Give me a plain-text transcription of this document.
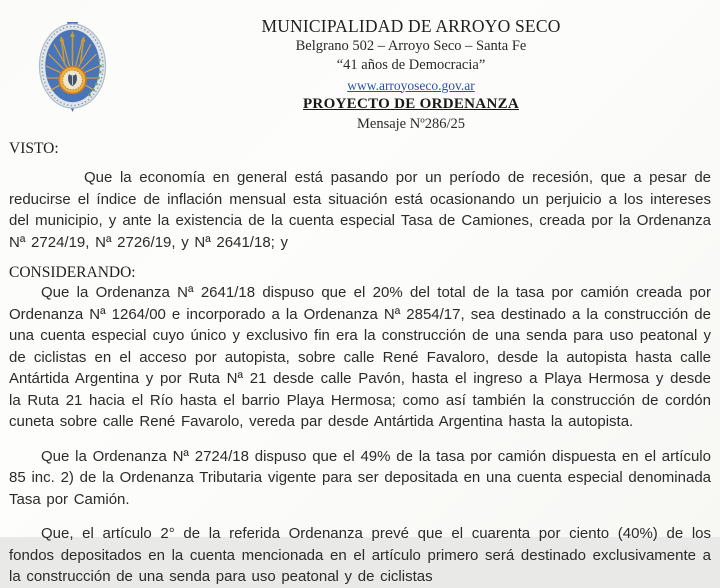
MUNICIPALIDAD DE ARROYO SECO
Belgrano 502 – Arroyo Seco – Santa Fe
“41 años de Democracia”
www.arroyoseco.gov.ar
PROYECTO DE ORDENANZA
Mensaje Nº286/25
VISTO:

Que la economía en general está pasando por un período de recesión, que a pesar de reducirse el índice de inflación mensual esta situación está ocasionando un perjuicio a los intereses del municipio, y ante la existencia de la cuenta especial Tasa de Camiones, creada por la Ordenanza Nª 2724/19, Nª 2726/19, y Nª 2641/18; y

CONSIDERANDO:

Que la Ordenanza Nª 2641/18 dispuso que el 20% del total de la tasa por camión creada por Ordenanza Nª 1264/00 e incorporado a la Ordenanza Nª 2854/17, sea destinado a la construcción de una cuenta especial cuyo único y exclusivo fin era la construcción de una senda para uso peatonal y de ciclistas en el acceso por autopista, sobre calle René Favaloro, desde la autopista hasta calle Antártida Argentina y por Ruta Nª 21 desde calle Pavón, hasta el ingreso a Playa Hermosa y desde la Ruta 21 hacia el Río hasta el barrio Playa Hermosa; como así también la construcción de cordón cuneta sobre calle René Favarolo, vereda par desde Antártida Argentina hasta la autopista.

Que la Ordenanza Nª 2724/18 dispuso que el 49% de la tasa por camión dispuesta en el artículo 85 inc. 2) de la Ordenanza Tributaria vigente para ser depositada en una cuenta especial denominada Tasa por Camión.

Que, el artículo 2° de la referida Ordenanza prevé que el cuarenta por ciento (40%) de los fondos depositados en la cuenta mencionada en el artículo primero será destinado exclusivamente a la construcción de una senda para uso peatonal y de ciclistas
